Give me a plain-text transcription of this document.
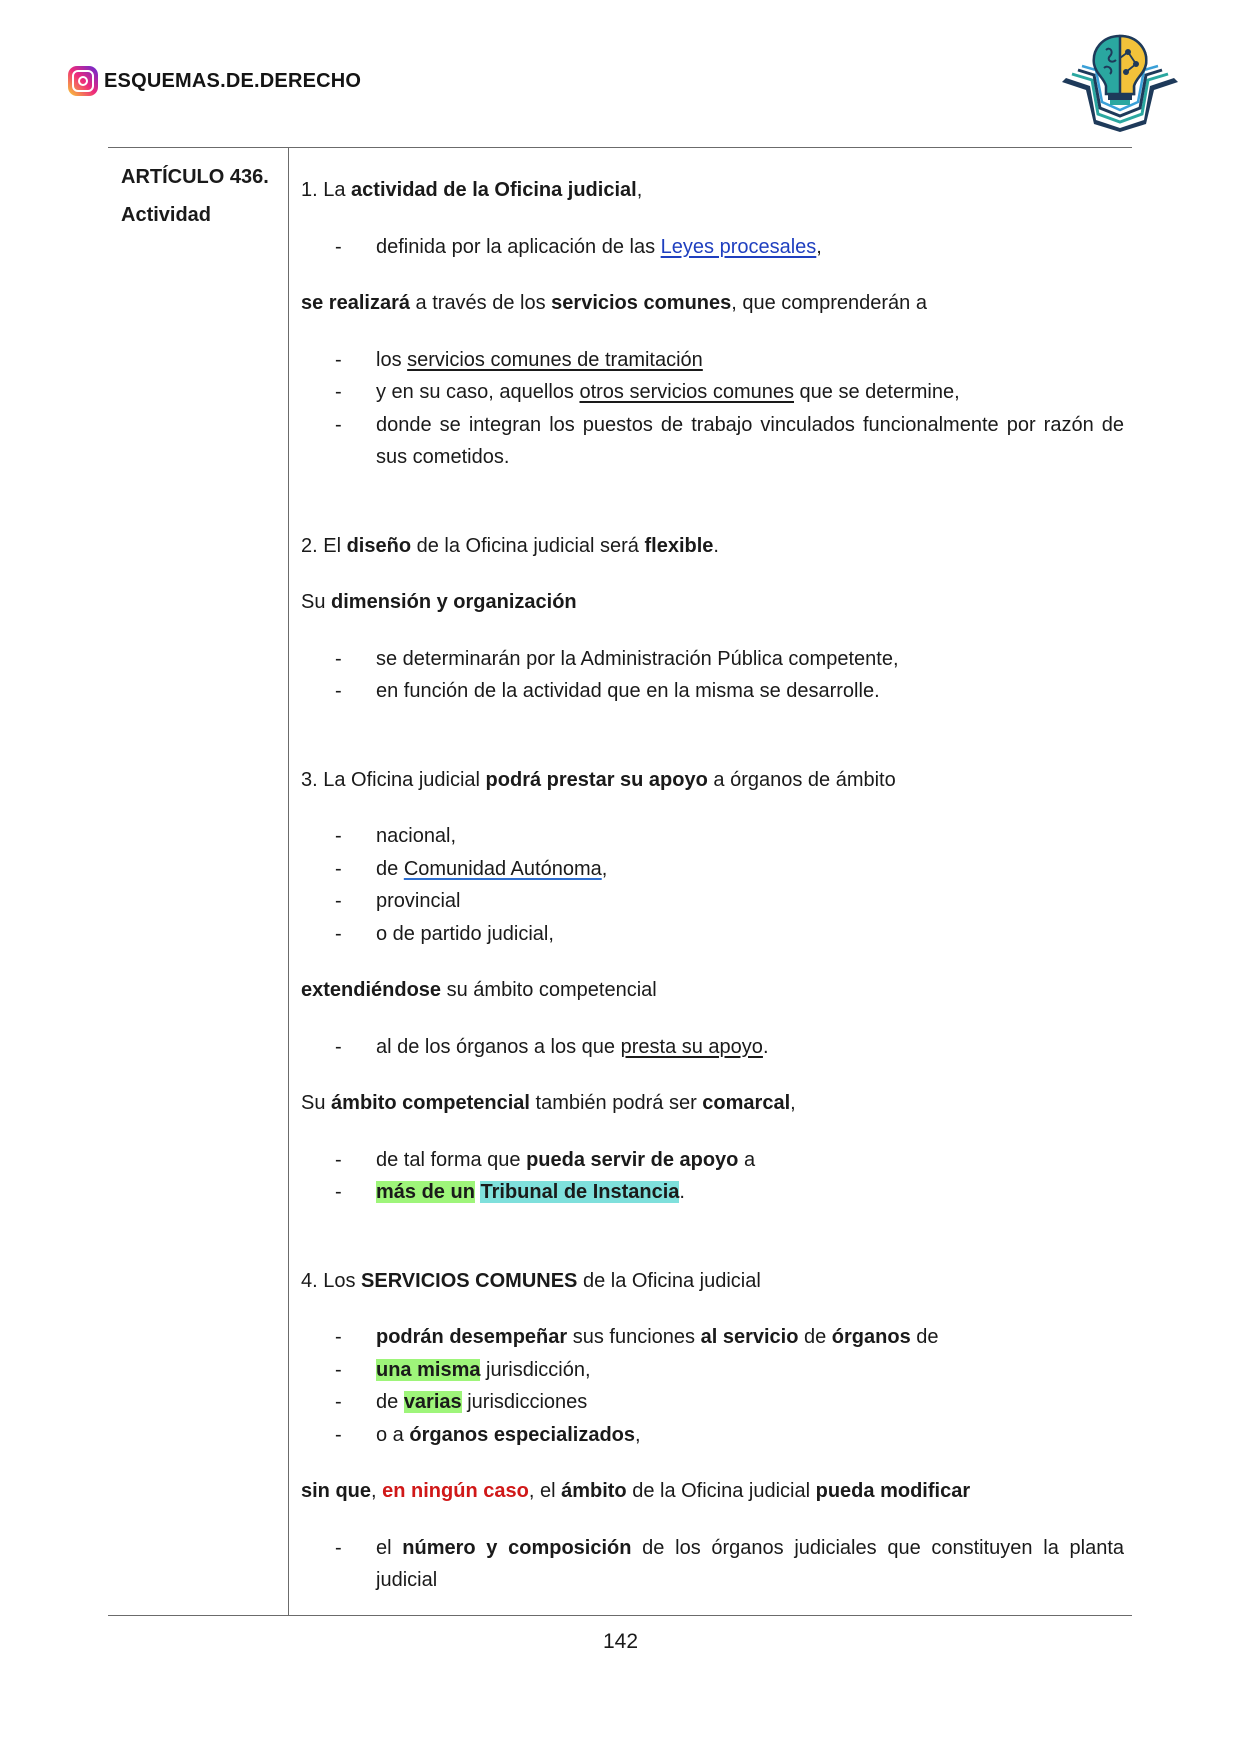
ESQUEMAS.DE.DERECHO
ARTÍCULO 436.
Actividad

1. La actividad de la Oficina judicial,

- definida por la aplicación de las Leyes procesales,

se realizará a través de los servicios comunes, que comprenderán a

- los servicios comunes de tramitación
- y en su caso, aquellos otros servicios comunes que se determine,
- donde se integran los puestos de trabajo vinculados funcionalmente por razón de sus cometidos.

2. El diseño de la Oficina judicial será flexible.

Su dimensión y organización

- se determinarán por la Administración Pública competente,
- en función de la actividad que en la misma se desarrolle.

3. La Oficina judicial podrá prestar su apoyo a órganos de ámbito

- nacional,
- de Comunidad Autónoma,
- provincial
- o de partido judicial,

extendiéndose su ámbito competencial

- al de los órganos a los que presta su apoyo.

Su ámbito competencial también podrá ser comarcal,

- de tal forma que pueda servir de apoyo a
- más de un Tribunal de Instancia.

4. Los SERVICIOS COMUNES de la Oficina judicial

- podrán desempeñar sus funciones al servicio de órganos de
- una misma jurisdicción,
- de varias jurisdicciones
- o a órganos especializados,

sin que, en ningún caso, el ámbito de la Oficina judicial pueda modificar

- el número y composición de los órganos judiciales que constituyen la planta judicial
142
